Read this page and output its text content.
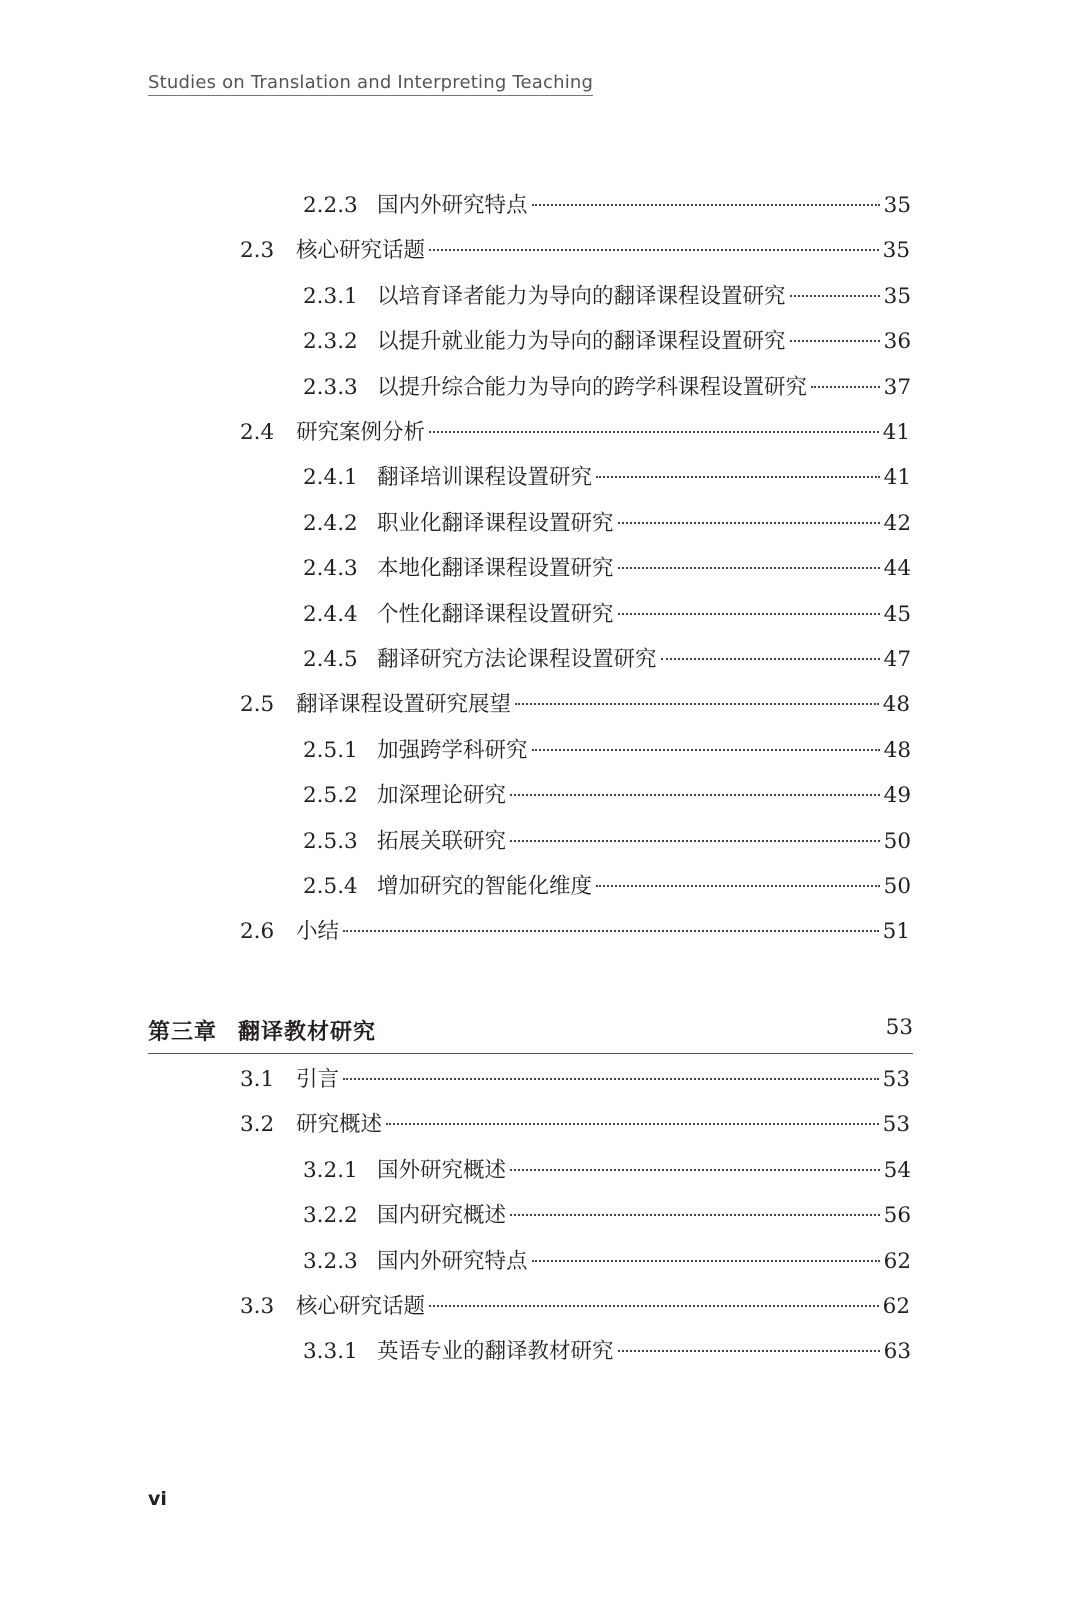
Studies on Translation and Interpreting Teaching
2.2.3 国内外研究特点	35
2.3	核心研究话题	35
2.3.1 以培育译者能力为导向的翻译课程设置研究	35
2.3.2 以提升就业能力为导向的翻译课程设置研究	36
2.3.3 以提升综合能力为导向的跨学科课程设置研究	37
2.4	研究案例分析	41
2.4.1 翻译培训课程设置研究	41
2.4.2 职业化翻译课程设置研究	42
2.4.3 本地化翻译课程设置研究	44
2.4.4 个性化翻译课程设置研究	45
2.4.5 翻译研究方法论课程设置研究	47
2.5	翻译课程设置研究展望	48
2.5.1 加强跨学科研究	48
2.5.2 加深理论研究	49
2.5.3 拓展关联研究	50
2.5.4 增加研究的智能化维度	50
2.6	小结	51
第三章 翻译教材研究	53
3.1	引言	53
3.2	研究概述	53
3.2.1 国外研究概述	54
3.2.2 国内研究概述	56
3.2.3 国内外研究特点	62
3.3	核心研究话题	62
3.3.1 英语专业的翻译教材研究	63
vi
